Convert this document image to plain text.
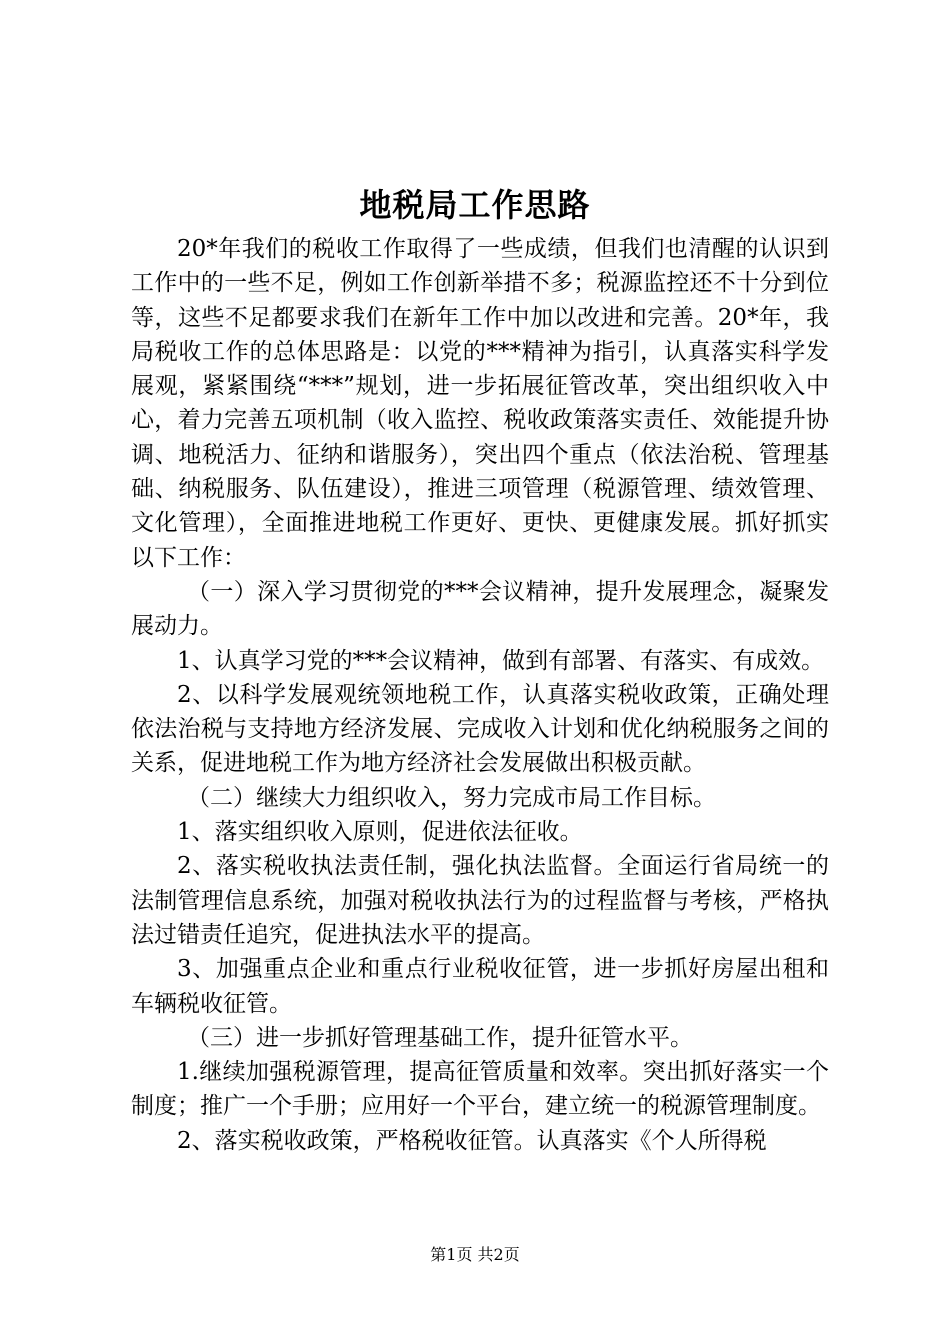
地税局工作思路

20*年我们的税收工作取得了一些成绩，但我们也清醒的认识到工作中的一些不足，例如工作创新举措不多；税源监控还不十分到位等，这些不足都要求我们在新年工作中加以改进和完善。20*年，我局税收工作的总体思路是：以党的***精神为指引，认真落实科学发展观，紧紧围绕“***”规划，进一步拓展征管改革，突出组织收入中心，着力完善五项机制（收入监控、税收政策落实责任、效能提升协调、地税活力、征纳和谐服务），突出四个重点（依法治税、管理基础、纳税服务、队伍建设），推进三项管理（税源管理、绩效管理、文化管理），全面推进地税工作更好、更快、更健康发展。抓好抓实以下工作：

（一）深入学习贯彻党的***会议精神，提升发展理念，凝聚发展动力。

1、认真学习党的***会议精神，做到有部署、有落实、有成效。

2、以科学发展观统领地税工作，认真落实税收政策，正确处理依法治税与支持地方经济发展、完成收入计划和优化纳税服务之间的关系，促进地税工作为地方经济社会发展做出积极贡献。

（二）继续大力组织收入，努力完成市局工作目标。

1、落实组织收入原则，促进依法征收。

2、落实税收执法责任制，强化执法监督。全面运行省局统一的法制管理信息系统，加强对税收执法行为的过程监督与考核，严格执法过错责任追究，促进执法水平的提高。

3、加强重点企业和重点行业税收征管，进一步抓好房屋出租和车辆税收征管。

（三）进一步抓好管理基础工作，提升征管水平。

1.继续加强税源管理，提高征管质量和效率。突出抓好落实一个制度；推广一个手册；应用好一个平台，建立统一的税源管理制度。

2、落实税收政策，严格税收征管。认真落实《个人所得税

第1页 共2页
